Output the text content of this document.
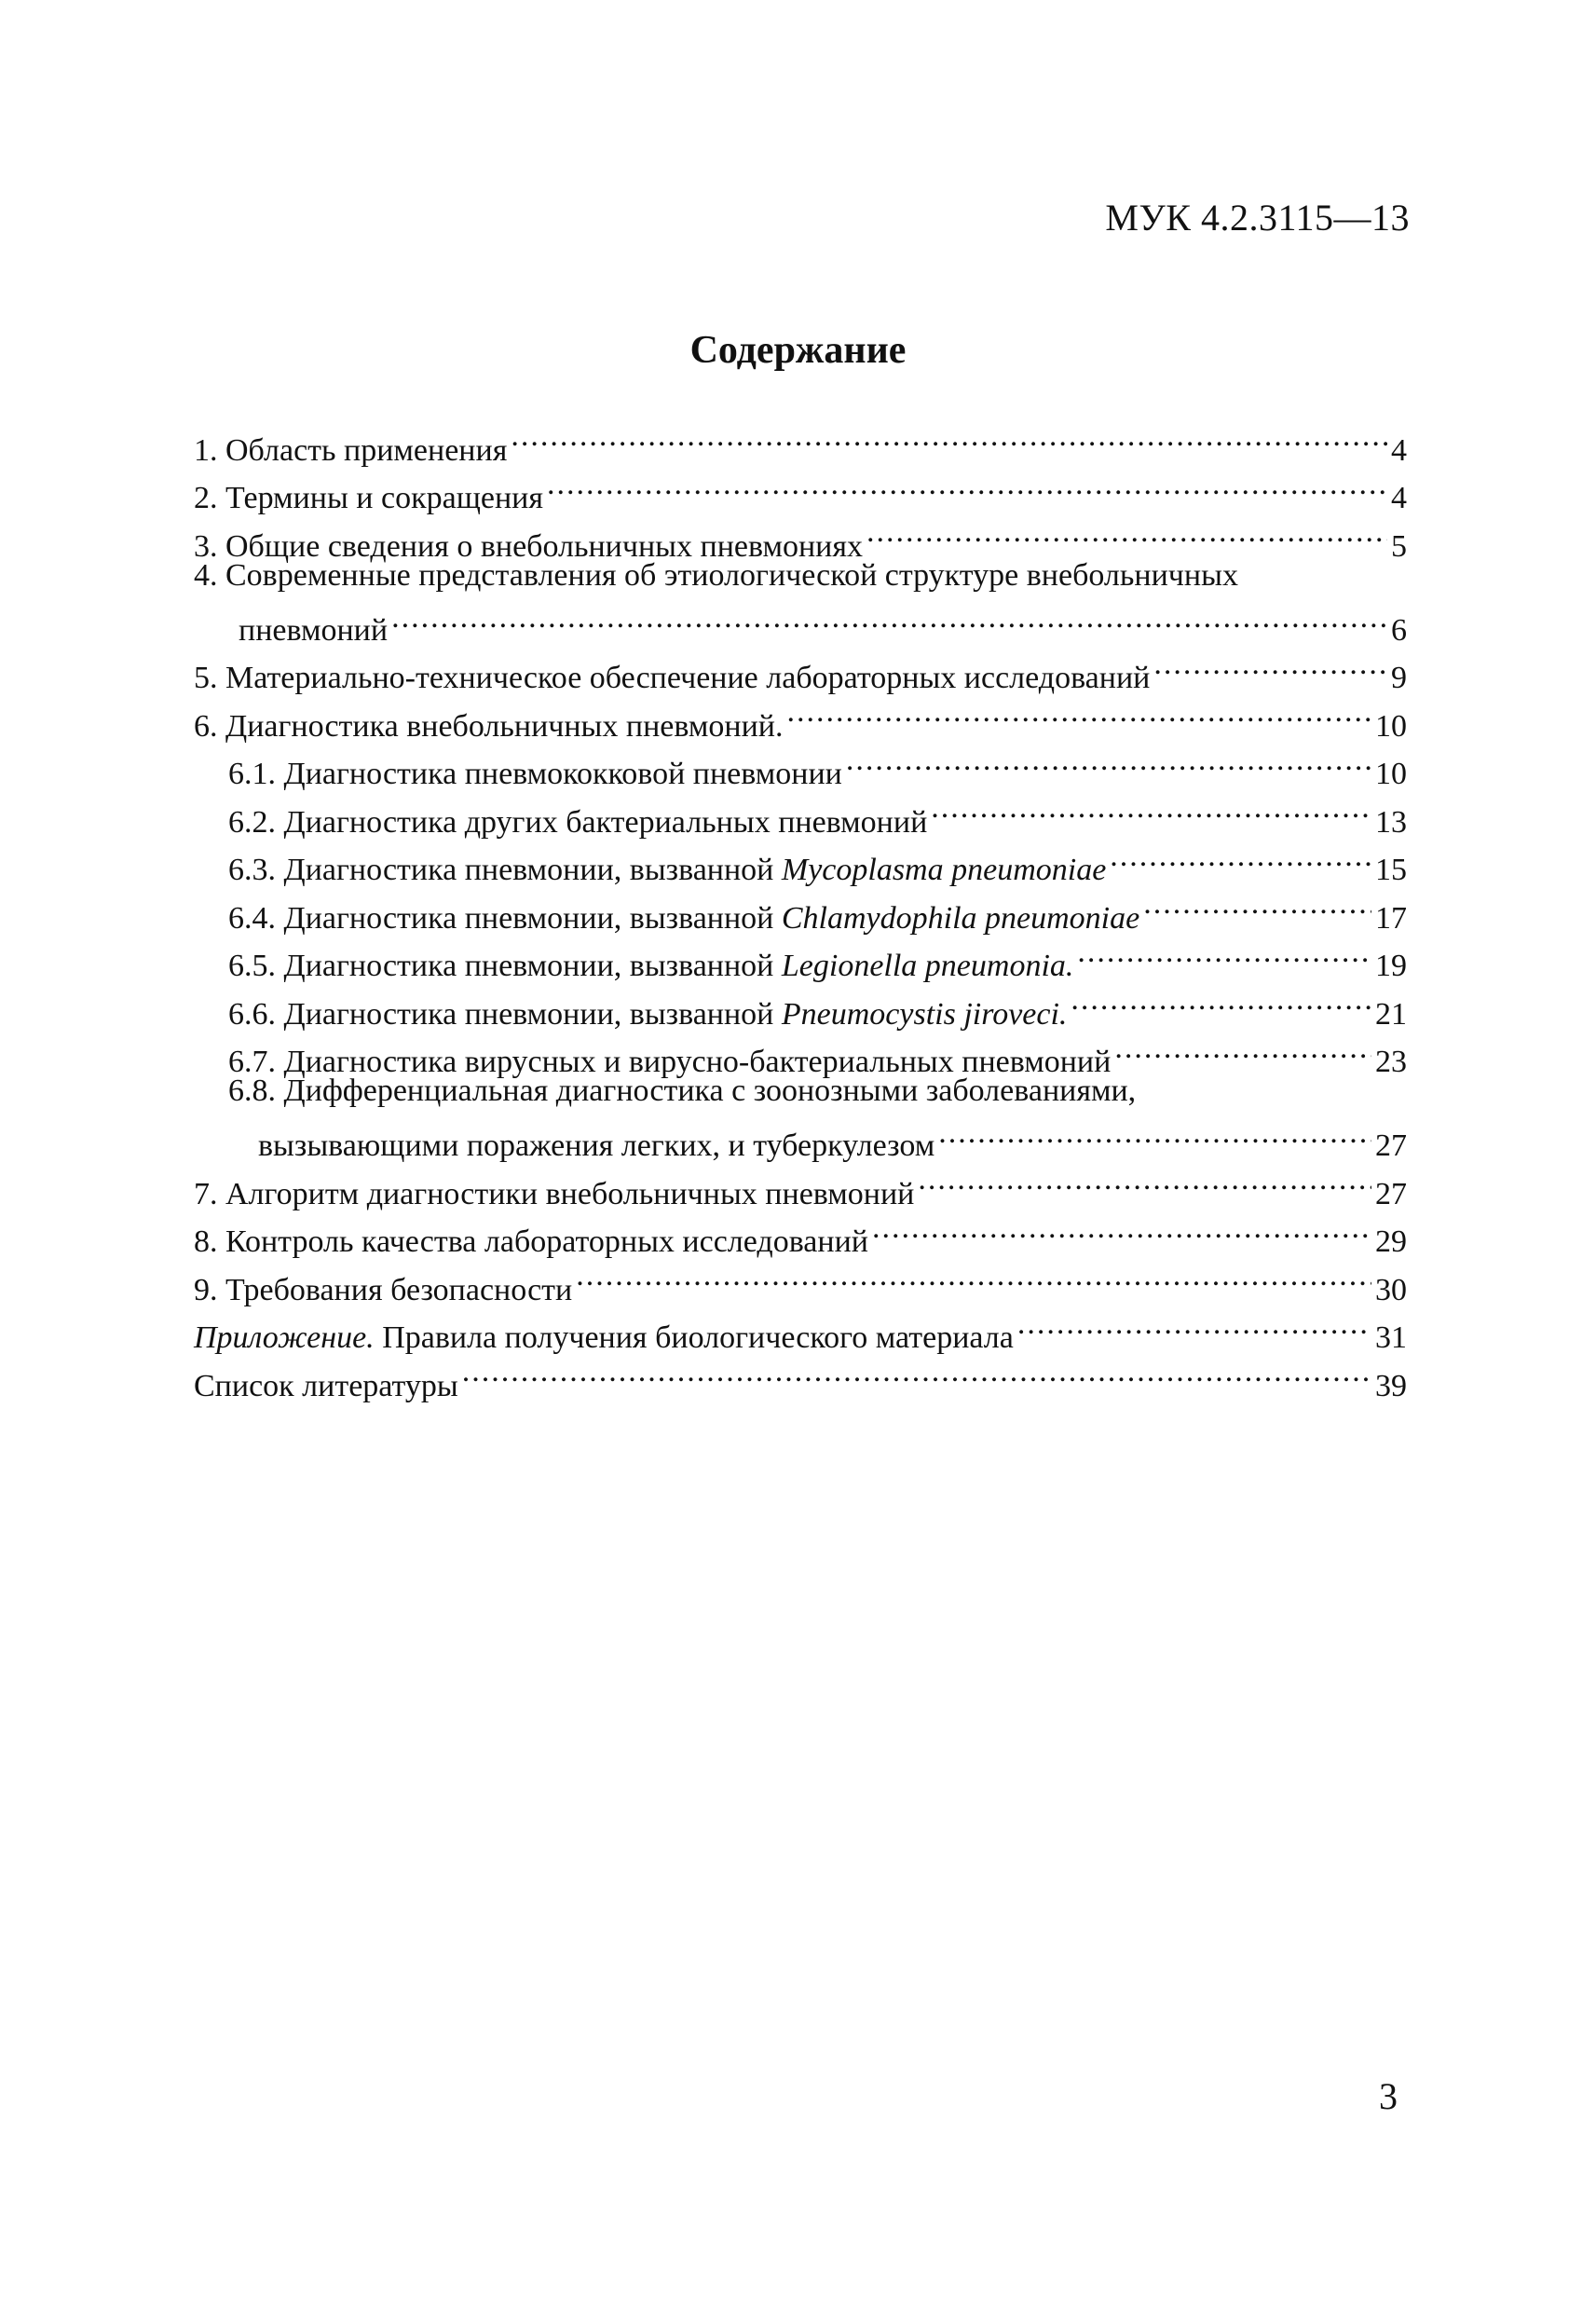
МУК 4.2.3115—13
Содержание
1. Область применения .....	4
2. Термины и сокращения .....	4
3. Общие сведения о внебольничных пневмониях .....	5
4. Современные представления об этиологической структуре внебольничных
пневмоний .....	6
5. Материально-техническое обеспечение лабораторных исследований .....	9
6. Диагностика внебольничных пневмоний. .....	10
6.1. Диагностика пневмококковой пневмонии .....	10
6.2. Диагностика других бактериальных пневмоний .....	13
6.3. Диагностика пневмонии, вызванной Mycoplasma pneumoniae .....	15
6.4. Диагностика пневмонии, вызванной Chlamydophila pneumoniae .....	17
6.5. Диагностика пневмонии, вызванной Legionella pneumonia. .....	19
6.6. Диагностика пневмонии, вызванной Pneumocystis jiroveci. .....	21
6.7. Диагностика вирусных и вирусно-бактериальных пневмоний .....	23
6.8. Дифференциальная диагностика с зоонозными заболеваниями,
вызывающими поражения легких, и туберкулезом .....	27
7. Алгоритм диагностики внебольничных пневмоний .....	27
8. Контроль качества лабораторных исследований .....	29
9. Требования безопасности .....	30
Приложение. Правила получения биологического материала .....	31
Список литературы .....	39
3
